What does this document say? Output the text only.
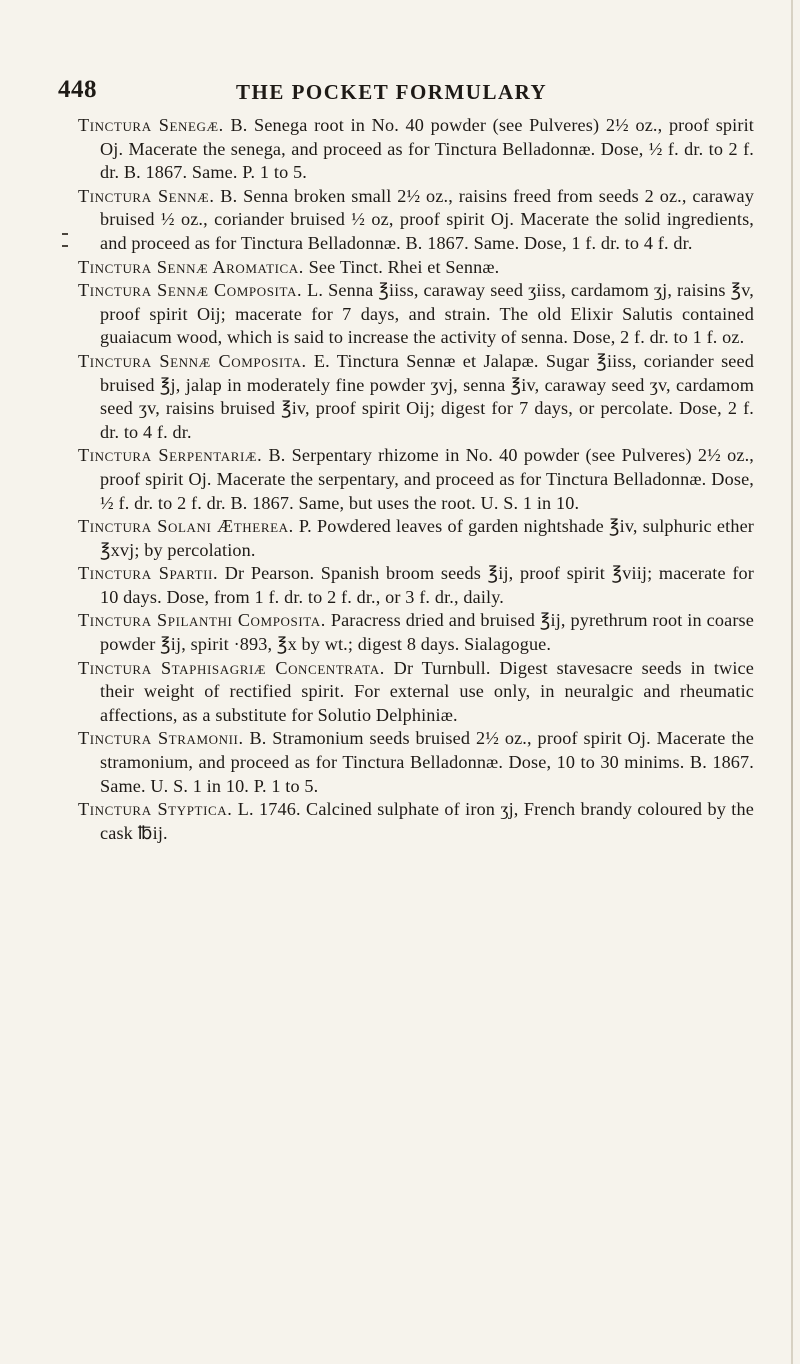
448	THE POCKET FORMULARY

Tinctura Senegæ. B. Senega root in No. 40 powder (see Pulveres) 2½ oz., proof spirit Oj. Macerate the senega, and proceed as for Tinctura Belladonnæ. Dose, ½ f. dr. to 2 f. dr. B. 1867. Same. P. 1 to 5.

Tinctura Sennæ. B. Senna broken small 2½ oz., raisins freed from seeds 2 oz., caraway bruised ½ oz., coriander bruised ½ oz, proof spirit Oj. Macerate the solid ingredients, and proceed as for Tinctura Belladonnæ. B. 1867. Same. Dose, 1 f. dr. to 4 f. dr.

Tinctura Sennæ Aromatica. See Tinct. Rhei et Sennæ.

Tinctura Sennæ Composita. L. Senna ℥iiss, caraway seed ʒiiss, cardamom ʒj, raisins ℥v, proof spirit Oij; macerate for 7 days, and strain. The old Elixir Salutis contained guaiacum wood, which is said to increase the activity of senna. Dose, 2 f. dr. to 1 f. oz.

Tinctura Sennæ Composita. E. Tinctura Sennæ et Jalapæ. Sugar ℥iiss, coriander seed bruised ℥j, jalap in moderately fine powder ʒvj, senna ℥iv, caraway seed ʒv, cardamom seed ʒv, raisins bruised ℥iv, proof spirit Oij; digest for 7 days, or percolate. Dose, 2 f. dr. to 4 f. dr.

Tinctura Serpentariæ. B. Serpentary rhizome in No. 40 powder (see Pulveres) 2½ oz., proof spirit Oj. Macerate the serpentary, and proceed as for Tinctura Belladonnæ. Dose, ½ f. dr. to 2 f. dr. B. 1867. Same, but uses the root. U. S. 1 in 10.

Tinctura Solani Ætherea. P. Powdered leaves of garden nightshade ℥iv, sulphuric ether ℥xvj; by percolation.

Tinctura Spartii. Dr Pearson. Spanish broom seeds ℥ij, proof spirit ℥viij; macerate for 10 days. Dose, from 1 f. dr. to 2 f. dr., or 3 f. dr., daily.

Tinctura Spilanthi Composita. Paracress dried and bruised ℥ij, pyrethrum root in coarse powder ℥ij, spirit ·893, ℥x by wt.; digest 8 days. Sialagogue.

Tinctura Staphisagriæ Concentrata. Dr Turnbull. Digest stavesacre seeds in twice their weight of rectified spirit. For external use only, in neuralgic and rheumatic affections, as a substitute for Solutio Delphiniæ.

Tinctura Stramonii. B. Stramonium seeds bruised 2½ oz., proof spirit Oj. Macerate the stramonium, and proceed as for Tinctura Belladonnæ. Dose, 10 to 30 minims. B. 1867. Same. U. S. 1 in 10. P. 1 to 5.

Tinctura Styptica. L. 1746. Calcined sulphate of iron ʒj, French brandy coloured by the cask ℔ij.
